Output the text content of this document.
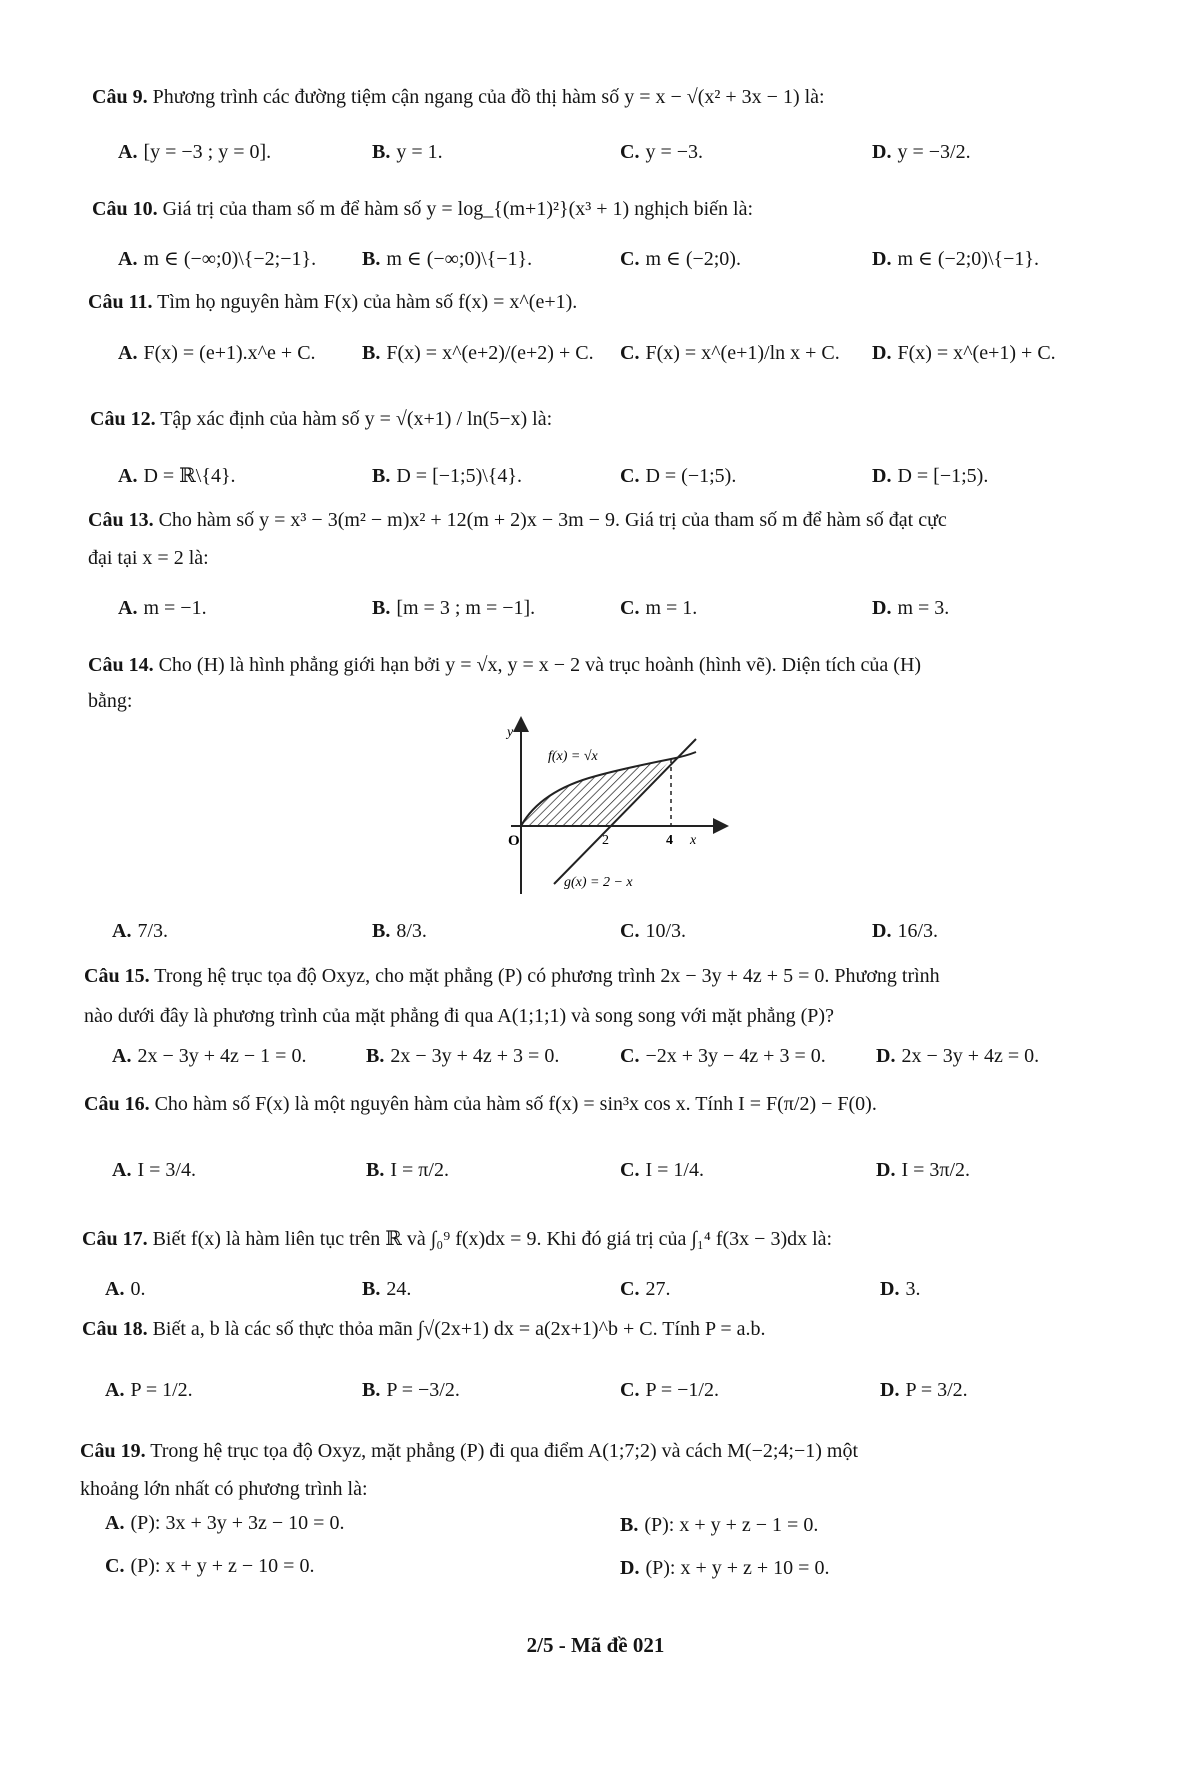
Câu 9. Phương trình các đường tiệm cận ngang của đồ thị hàm số y = x − √(x² + 3x − 1) là:
A. [y = −3 ; y = 0].	B. y = 1.	C. y = −3.	D. y = −3/2.
Câu 10. Giá trị của tham số m để hàm số y = log_{(m+1)²}(x³ + 1) nghịch biến là:
A. m ∈ (−∞;0)\{−2;−1}. B. m ∈ (−∞;0)\{−1}.	C. m ∈ (−2;0).	D. m ∈ (−2;0)\{−1}.
Câu 11. Tìm họ nguyên hàm F(x) của hàm số f(x) = x^(e+1).
A. F(x) = (e+1).x^e + C. B. F(x) = x^(e+2)/(e+2) + C. C. F(x) = x^(e+1)/ln x + C. D. F(x) = x^(e+1) + C.
Câu 12. Tập xác định của hàm số y = √(x+1) / ln(5−x) là:
A. D = ℝ\{4}.	B. D = [−1;5)\{4}.	C. D = (−1;5).	D. D = [−1;5).
Câu 13. Cho hàm số y = x³ − 3(m² − m)x² + 12(m + 2)x − 3m − 9. Giá trị của tham số m để hàm số đạt cực
đại tại x = 2 là:
A. m = −1.	B. [m = 3 ; m = −1].	C. m = 1.	D. m = 3.
Câu 14. Cho (H) là hình phẳng giới hạn bởi y = √x, y = x − 2 và trục hoành (hình vẽ). Diện tích của (H)
bằng:
y
O	2	4 x
f(x) = √x
g(x) = 2 − x
A. 7/3.	B. 8/3.	C. 10/3.	D. 16/3.
Câu 15. Trong hệ trục tọa độ Oxyz, cho mặt phẳng (P) có phương trình 2x − 3y + 4z + 5 = 0. Phương trình
nào dưới đây là phương trình của mặt phẳng đi qua A(1;1;1) và song song với mặt phẳng (P)?
A. 2x − 3y + 4z − 1 = 0.	B. 2x − 3y + 4z + 3 = 0.	C. −2x + 3y − 4z + 3 = 0.	D. 2x − 3y + 4z = 0.
Câu 16. Cho hàm số F(x) là một nguyên hàm của hàm số f(x) = sin³x cos x. Tính I = F(π/2) − F(0).
A. I = 3/4.	B. I = π/2.	C. I = 1/4.	D. I = 3π/2.
Câu 17. Biết f(x) là hàm liên tục trên ℝ và ∫₀⁹ f(x)dx = 9. Khi đó giá trị của ∫₁⁴ f(3x − 3)dx là:
A. 0.	B. 24.	C. 27.	D. 3.
Câu 18. Biết a, b là các số thực thỏa mãn ∫√(2x+1) dx = a(2x+1)^b + C. Tính P = a.b.
A. P = 1/2.	B. P = −3/2.	C. P = −1/2.	D. P = 3/2.
Câu 19. Trong hệ trục tọa độ Oxyz, mặt phẳng (P) đi qua điểm A(1;7;2) và cách M(−2;4;−1) một
khoảng lớn nhất có phương trình là:
A. (P): 3x + 3y + 3z − 10 = 0.	B. (P): x + y + z − 1 = 0.
C. (P): x + y + z − 10 = 0.	D. (P): x + y + z + 10 = 0.
2/5 - Mã đề 021
